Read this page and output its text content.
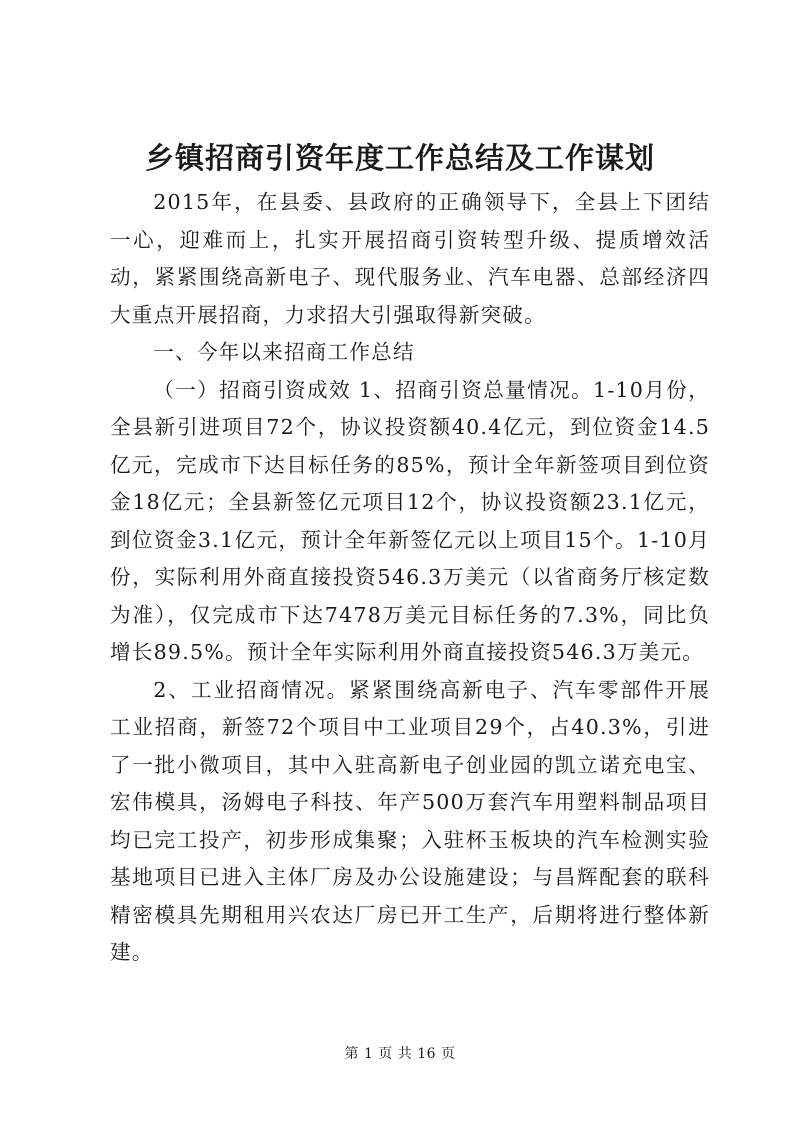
乡镇招商引资年度工作总结及工作谋划

2015年，在县委、县政府的正确领导下，全县上下团结一心，迎难而上，扎实开展招商引资转型升级、提质增效活动，紧紧围绕高新电子、现代服务业、汽车电器、总部经济四大重点开展招商，力求招大引强取得新突破。

一、今年以来招商工作总结

（一）招商引资成效 1、招商引资总量情况。1-10月份，全县新引进项目72个，协议投资额40.4亿元，到位资金14.5亿元，完成市下达目标任务的85%，预计全年新签项目到位资金18亿元；全县新签亿元项目12个，协议投资额23.1亿元，到位资金3.1亿元，预计全年新签亿元以上项目15个。1-10月份，实际利用外商直接投资546.3万美元（以省商务厅核定数为准），仅完成市下达7478万美元目标任务的7.3%，同比负增长89.5%。预计全年实际利用外商直接投资546.3万美元。

2、工业招商情况。紧紧围绕高新电子、汽车零部件开展工业招商，新签72个项目中工业项目29个，占40.3%，引进了一批小微项目，其中入驻高新电子创业园的凯立诺充电宝、宏伟模具，汤姆电子科技、年产500万套汽车用塑料制品项目均已完工投产，初步形成集聚；入驻杯玉板块的汽车检测实验基地项目已进入主体厂房及办公设施建设；与昌辉配套的联科精密模具先期租用兴农达厂房已开工生产，后期将进行整体新建。

第 1 页 共 16 页
